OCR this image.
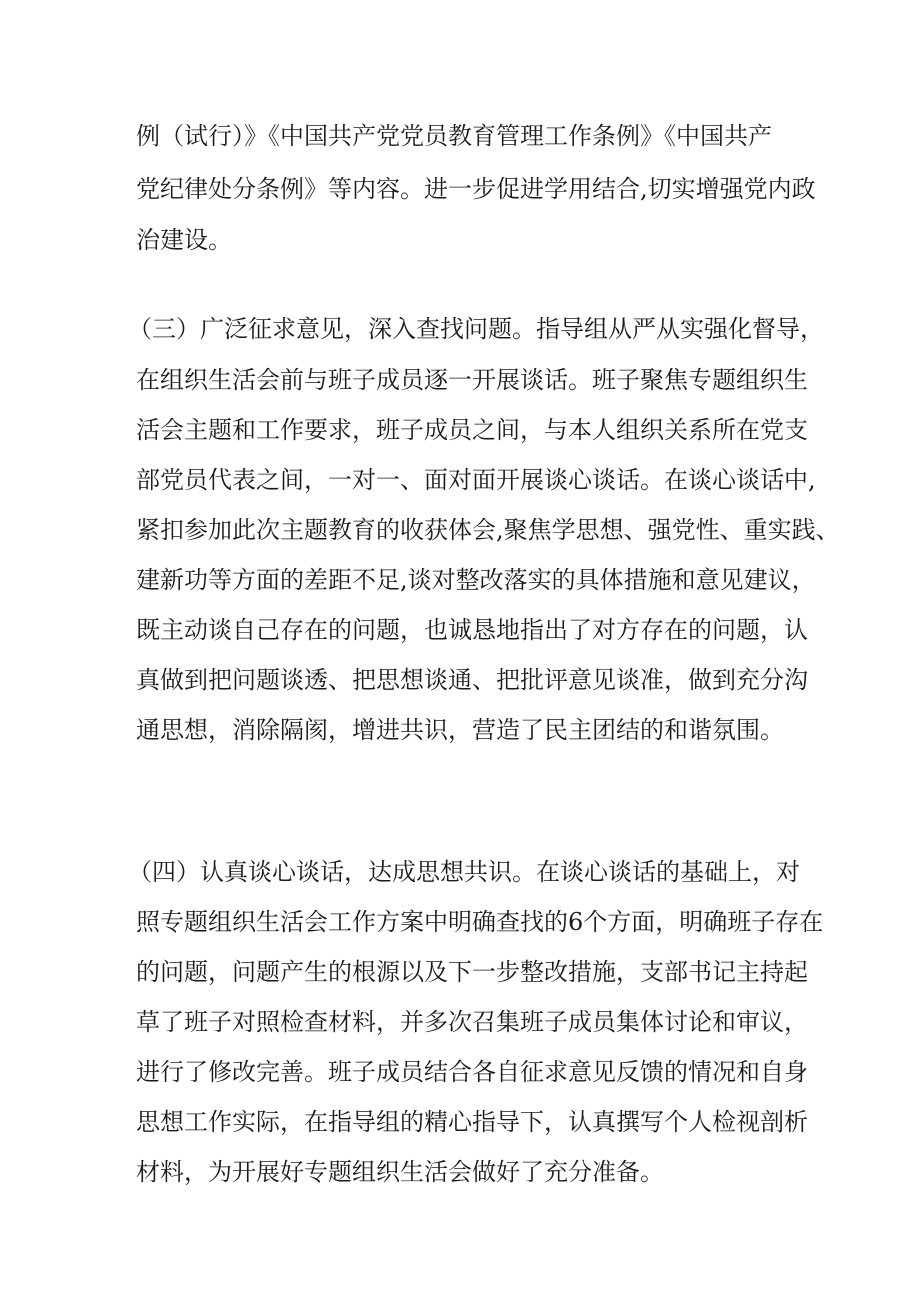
例（试行）》《中国共产党党员教育管理工作条例》《中国共产
党纪律处分条例》等内容。进一步促进学用结合,切实增强党内政
治建设。
（三）广泛征求意见，深入查找问题。指导组从严从实强化督导，
在组织生活会前与班子成员逐一开展谈话。班子聚焦专题组织生
活会主题和工作要求，班子成员之间，与本人组织关系所在党支
部党员代表之间，一对一、面对面开展谈心谈话。在谈心谈话中,
紧扣参加此次主题教育的收获体会,聚焦学思想、强党性、重实践、
建新功等方面的差距不足,谈对整改落实的具体措施和意见建议，
既主动谈自己存在的问题，也诚恳地指出了对方存在的问题，认
真做到把问题谈透、把思想谈通、把批评意见谈准，做到充分沟
通思想，消除隔阂，增进共识，营造了民主团结的和谐氛围。
（四）认真谈心谈话，达成思想共识。在谈心谈话的基础上，对
照专题组织生活会工作方案中明确查找的6个方面，明确班子存在
的问题，问题产生的根源以及下一步整改措施，支部书记主持起
草了班子对照检查材料，并多次召集班子成员集体讨论和审议，
进行了修改完善。班子成员结合各自征求意见反馈的情况和自身
思想工作实际，在指导组的精心指导下，认真撰写个人检视剖析
材料，为开展好专题组织生活会做好了充分准备。
